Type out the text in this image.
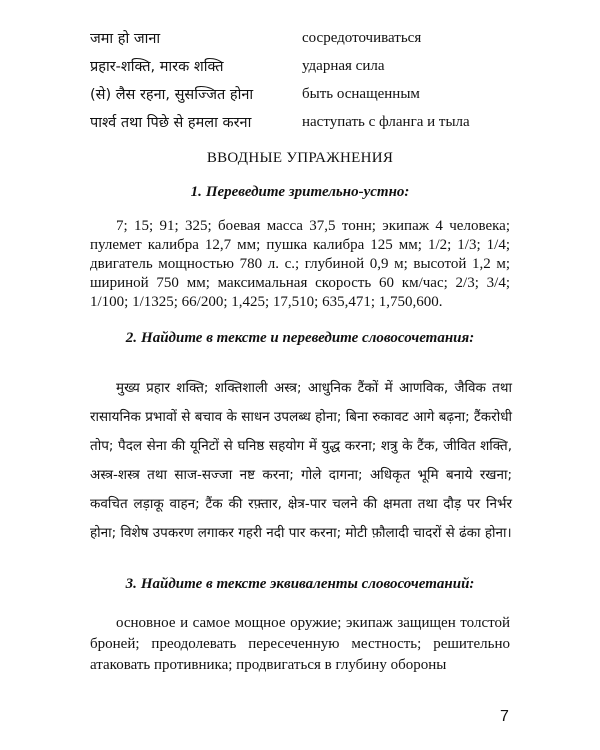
जमा हो जाना	сосредоточиваться
प्रहार-शक्ति, मारक शक्ति	ударная сила
(से) लैस रहना, सुसज्जित होना	быть оснащенным
पार्श्व तथा पिछे से हमला करना	наступать с фланга и тыла
ВВОДНЫЕ УПРАЖНЕНИЯ
1. Переведите зрительно-устно:

7; 15; 91; 325; боевая масса 37,5 тонн; экипаж 4 человека; пулемет калибра 12,7 мм; пушка калибра 125 мм; 1/2; 1/3; 1/4; двигатель мощностью 780 л. с.; глубиной 0,9 м; высотой 1,2 м; шириной 750 мм; максимальная скорость 60 км/час; 2/3; 3/4; 1/100; 1/1325; 66/200; 1,425; 17,510; 635,471; 1,750,600.

2. Найдите в тексте и переведите словосочетания:

मुख्य प्रहार शक्ति; शक्तिशाली अस्त्र; आधुनिक टैंकों में आणविक, जैविक तथा रासायनिक प्रभावों से बचाव के साधन उपलब्ध होना; बिना रुकावट आगे बढ़ना; टैंकरोधी तोप; पैदल सेना की यूनिटों से घनिष्ठ सहयोग में युद्ध करना; शत्रु के टैंक, जीवित शक्ति, अस्त्र-शस्त्र तथा साज-सज्जा नष्ट करना; गोले दागना; अधिकृत भूमि बनाये रखना; कवचित लड़ाकू वाहन; टैंक की रफ़्तार, क्षेत्र-पार चलने की क्षमता तथा दौड़ पर निर्भर होना; विशेष उपकरण लगाकर गहरी नदी पार करना; मोटी फ़ौलादी चादरों से ढंका होना।

3. Найдите в тексте эквиваленты словосочетаний:

основное и самое мощное оружие; экипаж защищен толстой броней; преодолевать пересеченную местность; решительно атаковать противника; продвигаться в глубину обороны

7
